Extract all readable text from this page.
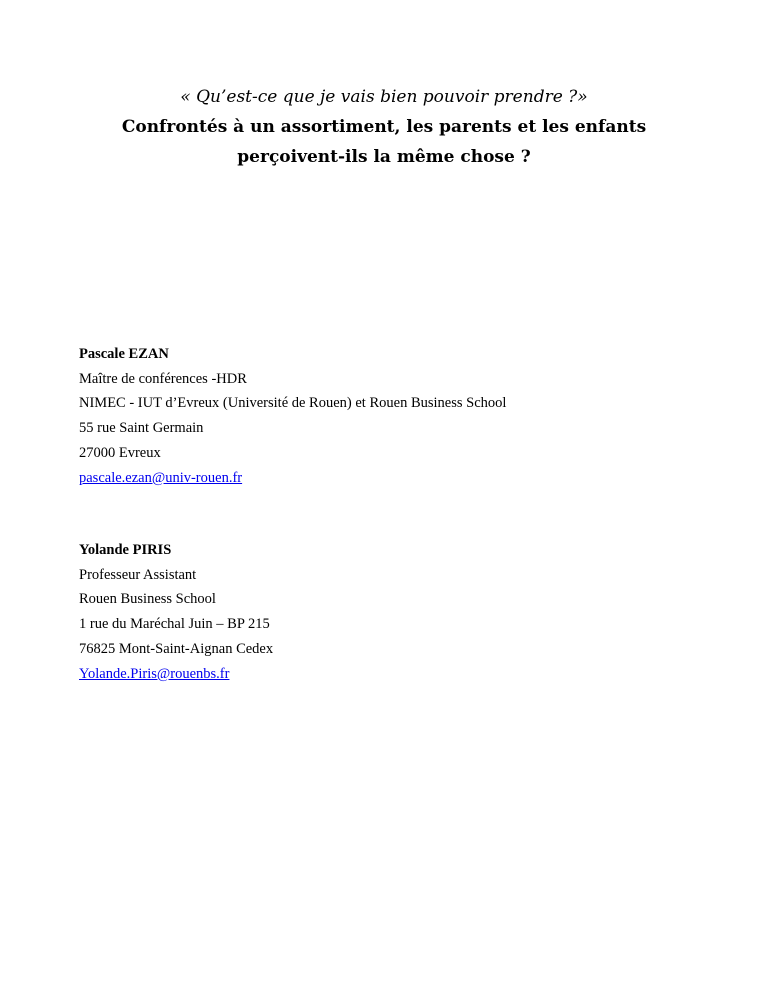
« Qu’est-ce que je vais bien pouvoir prendre ?»
Confrontés à un assortiment, les parents et les enfants
perçoivent-ils la même chose ?
Pascale EZAN
Maître de conférences -HDR
NIMEC - IUT d’Evreux (Université de Rouen) et Rouen Business School
55 rue Saint Germain
27000 Evreux
pascale.ezan@univ-rouen.fr
Yolande PIRIS
Professeur Assistant
Rouen Business School
1 rue du Maréchal Juin – BP 215
76825 Mont-Saint-Aignan Cedex
Yolande.Piris@rouenbs.fr
